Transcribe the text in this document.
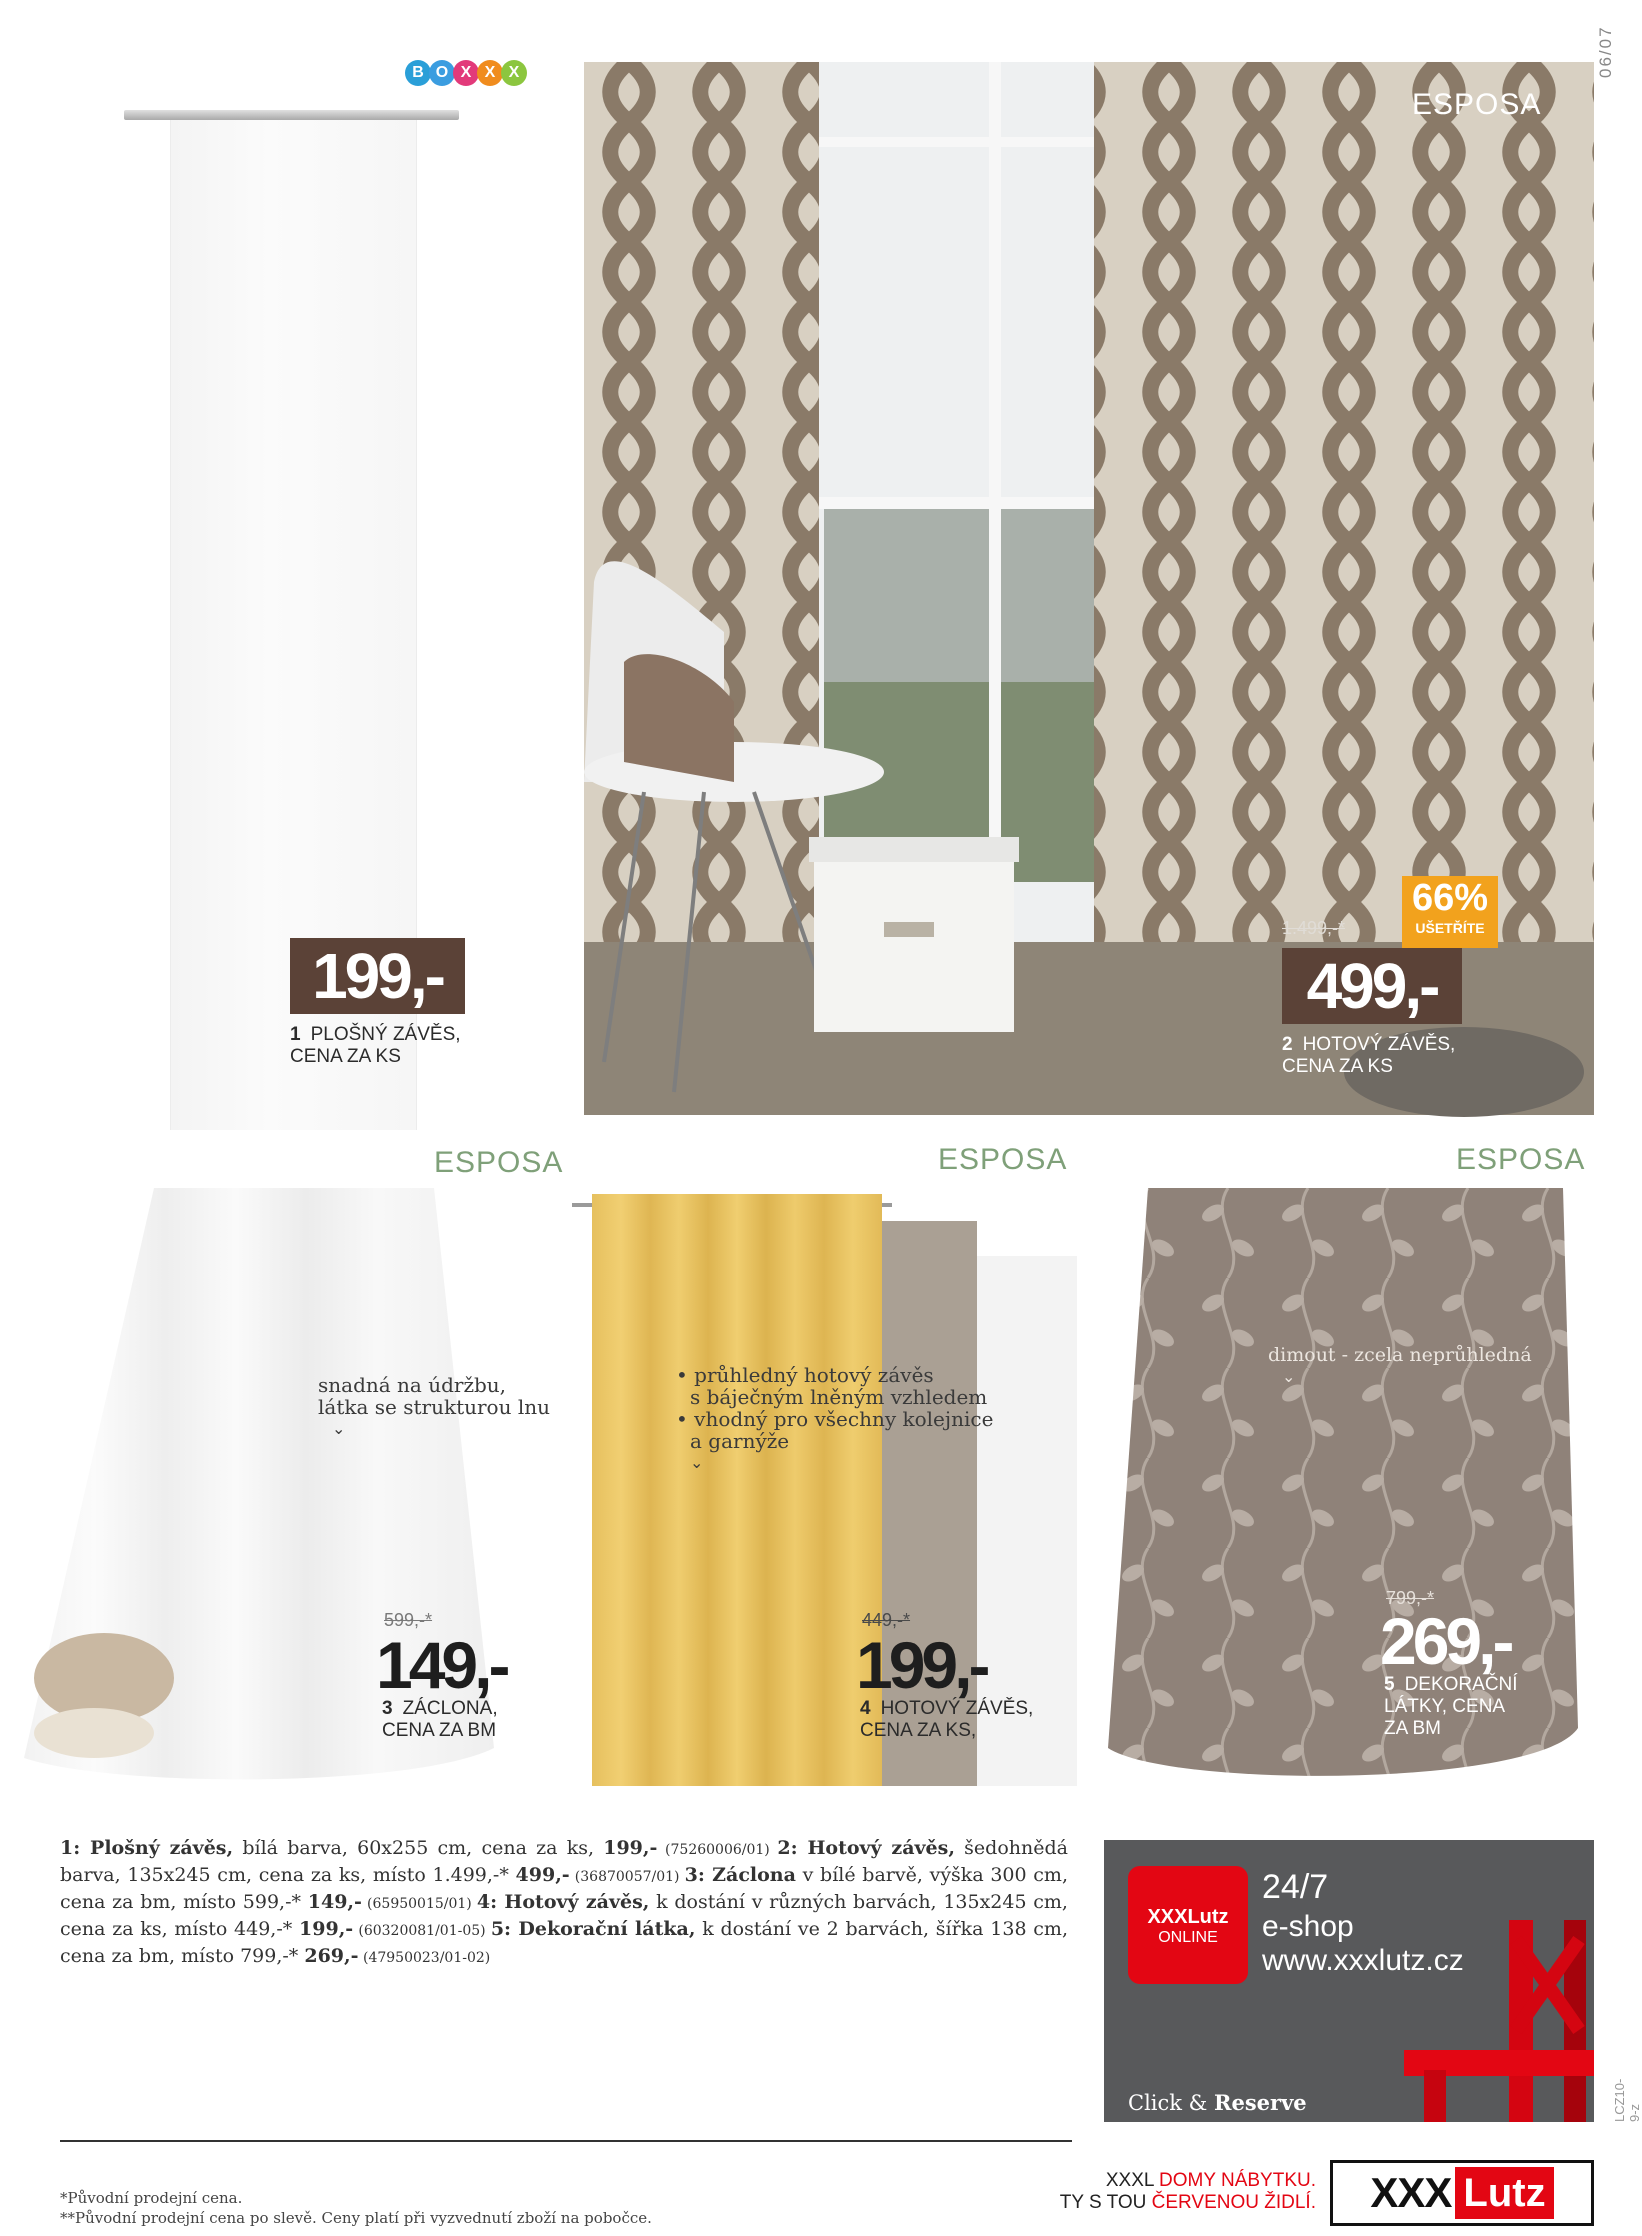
06/07
B O X X X
199,-
1 PLOŠNÝ ZÁVĚS,
CENA ZA KS
ESPOSA
66%
UŠETŘÍTE
1.499,-*
499,-
2 HOTOVÝ ZÁVĚS,
CENA ZA KS
ESPOSA	ESPOSA	ESPOSA
snadná na údržbu,
látka se strukturou lnu
⌄
599,-*
149,-
3 ZÁCLONA,
CENA ZA BM
• průhledný hotový závěs
s báječným lněným vzhledem
• vhodný pro všechny kolejnice
a garnýže
⌄
449,-*
199,-
4 HOTOVÝ ZÁVĚS,
CENA ZA KS,
dimout - zcela neprůhledná
⌄
799,-*
269,-
5 DEKORAČNÍ
LÁTKY, CENA
ZA BM
1: Plošný závěs, bílá barva, 60x255 cm, cena za ks, 199,- (75260006/01) 2: Hotový závěs, šedohnědá barva, 135x245 cm, cena za ks, místo 1.499,-* 499,- (36870057/01) 3: Záclona v bílé barvě, výška 300 cm, cena za bm, místo 599,-* 149,- (65950015/01) 4: Hotový závěs, k dostání v různých barvách, 135x245 cm, cena za ks, místo 449,-* 199,- (60320081/01-05) 5: Dekorační látka, k dostání ve 2 barvách, šířka 138 cm, cena za bm, místo 799,-* 269,- (47950023/01-02)
XXXLutz
ONLINE
24/7
e-shop
www.xxxlutz.cz
Click & Reserve	LCZ10-9-z
*Původní prodejní cena.
**Původní prodejní cena po slevě. Ceny platí při vyzvednutí zboží na pobočce.
XXXL DOMY NÁBYTKU.
TY S TOU ČERVENOU ŽIDLÍ. XXX Lutz
